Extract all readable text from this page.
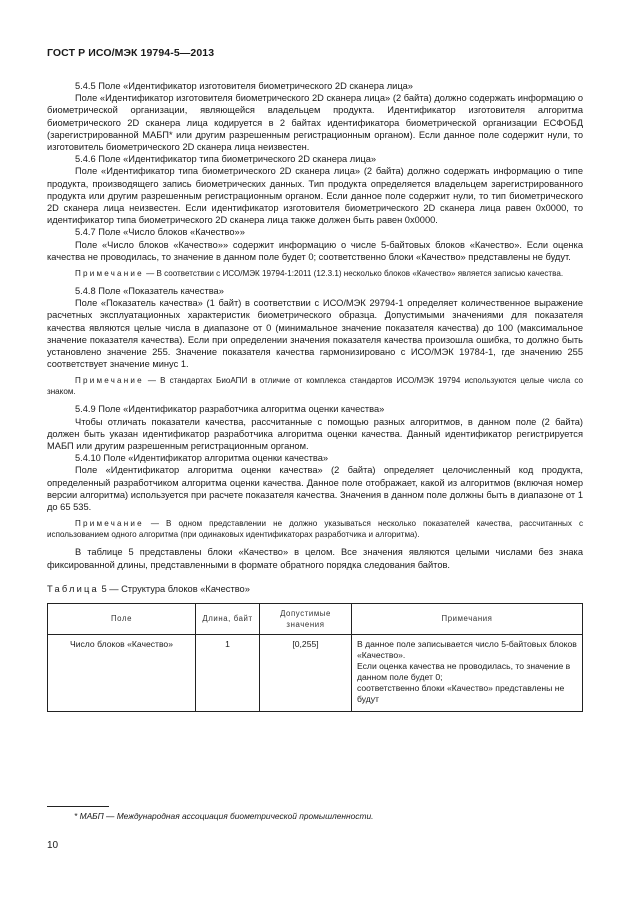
ГОСТ Р ИСО/МЭК 19794-5—2013

5.4.5 Поле «Идентификатор изготовителя биометрического 2D сканера лица»

Поле «Идентификатор изготовителя биометрического 2D сканера лица» (2 байта) должно содержать информацию о биометрической организации, являющейся владельцем продукта. Идентификатор изготовителя алгоритма биометрического 2D сканера лица кодируется в 2 байтах идентификатора биометрической организации ЕСФОБД (зарегистрированной МАБП* или другим разрешенным регистрационным органом). Если данное поле содержит нули, то изготовитель биометрического 2D сканера лица неизвестен.

5.4.6 Поле «Идентификатор типа биометрического 2D сканера лица»

Поле «Идентификатор типа биометрического 2D сканера лица» (2 байта) должно содержать информацию о типе продукта, производящего запись биометрических данных. Тип продукта определяется владельцем зарегистрированного продукта или другим разрешенным регистрационным органом. Если данное поле содержит нули, то тип биометрического 2D сканера лица неизвестен. Если идентификатор изготовителя биометрического 2D сканера лица равен 0x0000, то идентификатор типа биометрического 2D сканера лица также должен быть равен 0x0000.

5.4.7 Поле «Число блоков «Качество»»

Поле «Число блоков «Качество»» содержит информацию о числе 5-байтовых блоков «Качество». Если оценка качества не проводилась, то значение в данном поле будет 0; соответственно блоки «Качество» представлены не будут.

Примечание — В соответствии с ИСО/МЭК 19794-1:2011 (12.3.1) несколько блоков «Качество» является записью качества.

5.4.8 Поле «Показатель качества»

Поле «Показатель качества» (1 байт) в соответствии с ИСО/МЭК 29794-1 определяет количественное выражение расчетных эксплуатационных характеристик биометрического образца. Допустимыми значениями для показателя качества являются целые числа в диапазоне от 0 (минимальное значение показателя качества) до 100 (максимальное значение показателя качества). Если при определении значения показателя качества произошла ошибка, то должно быть установлено значение 255. Значение показателя качества гармонизировано с ИСО/МЭК 19784-1, где значению 255 соответствует значение минус 1.

Примечание — В стандартах БиоАПИ в отличие от комплекса стандартов ИСО/МЭК 19794 используются целые числа со знаком.

5.4.9 Поле «Идентификатор разработчика алгоритма оценки качества»

Чтобы отличать показатели качества, рассчитанные с помощью разных алгоритмов, в данном поле (2 байта) должен быть указан идентификатор разработчика алгоритма оценки качества. Данный идентификатор регистрируется МАБП или другим разрешенным регистрационным органом.

5.4.10 Поле «Идентификатор алгоритма оценки качества»

Поле «Идентификатор алгоритма оценки качества» (2 байта) определяет целочисленный код продукта, определенный разработчиком алгоритма оценки качества. Данное поле отображает, какой из алгоритмов (включая номер версии алгоритма) используется при расчете показателя качества. Значения в данном поле должны быть в диапазоне от 1 до 65 535.

Примечание — В одном представлении не должно указываться несколько показателей качества, рассчитанных с использованием одного алгоритма (при одинаковых идентификаторах разработчика и алгоритма).

В таблице 5 представлены блоки «Качество» в целом. Все значения являются целыми числами без знака фиксированной длины, представленными в формате обратного порядка следования байтов.

Таблица 5 — Структура блоков «Качество»

Поле	Длина, байт	Допустимые значения	Примечания
Число блоков «Качество»	1	[0,255]	В данное поле записывается число 5-байтовых блоков «Качество».
Если оценка качества не проводилась, то значение в данном поле будет 0;
соответственно блоки «Качество» представлены не будут
* МАБП — Международная ассоциация биометрической промышленности.
10
